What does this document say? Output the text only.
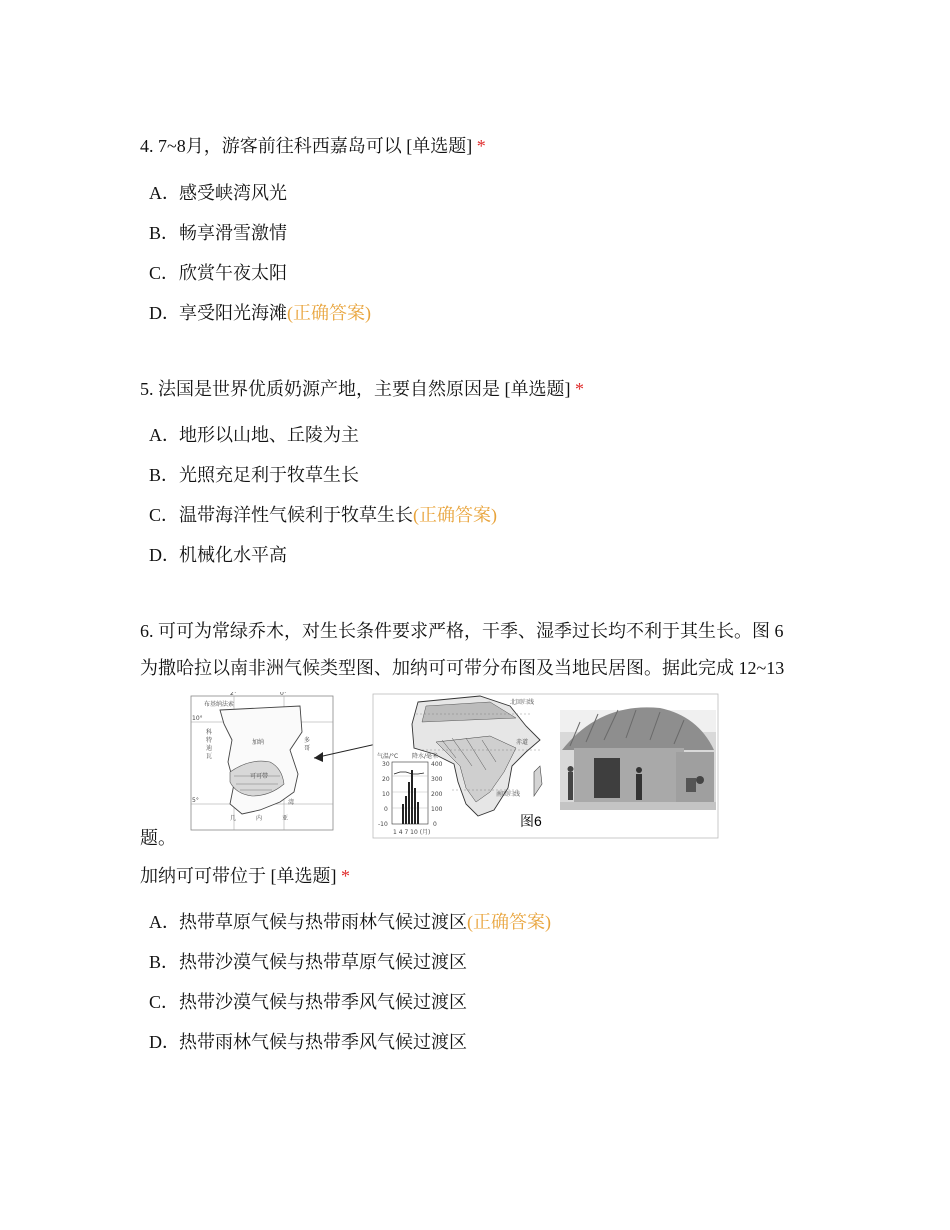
4. 7~8月，游客前往科西嘉岛可以 [单选题] *
A．感受峡湾风光
B．畅享滑雪激情
C．欣赏午夜太阳
D．享受阳光海滩(正确答案)
5. 法国是世界优质奶源产地，主要自然原因是 [单选题] *
A．地形以山地、丘陵为主
B．光照充足利于牧草生长
C．温带海洋性气候利于牧草生长(正确答案)
D．机械化水平高
6. 可可为常绿乔木，对生长条件要求严格，干季、湿季过长均不利于其生长。图 6
为撒哈拉以南非洲气候类型图、加纳可可带分布图及当地民居图。据此完成 12~13
布基纳法索
科
特
迪
瓦
加纳	多
哥
可可带
湾
几	内	亚
2°	0°
10°
5°
北回归线
赤道
南回归线
气温/°C 降水/毫米
30
20
10
0
-10
400
300
200
100
0
1 4 7 10 (月)
图6
题。
加纳可可带位于 [单选题] *
A．热带草原气候与热带雨林气候过渡区(正确答案)
B．热带沙漠气候与热带草原气候过渡区
C．热带沙漠气候与热带季风气候过渡区
D．热带雨林气候与热带季风气候过渡区
